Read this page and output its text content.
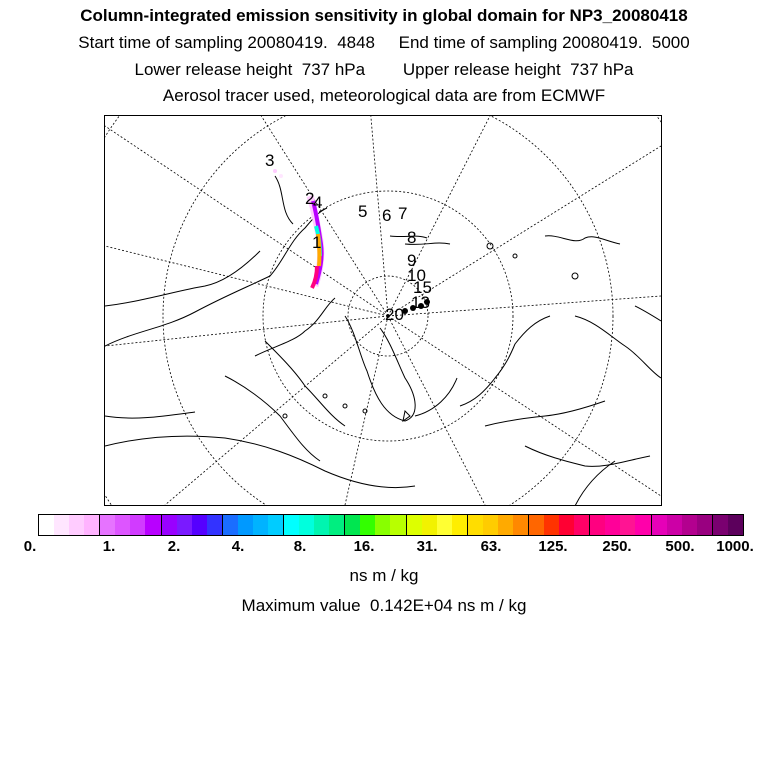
Column-integrated emission sensitivity in global domain for NP3_20080418
Start time of sampling 20080419.  4848     End time of sampling 20080419.  5000
Lower release height  737 hPa        Upper release height  737 hPa
Aerosol tracer used, meteorological data are from ECMWF
3
2
4
1
5 6 7
8
9
10
15
13
20
0.	1.	2.	4.	8.	16.	31.	63. 125. 250. 500. 1000.
ns m / kg
Maximum value  0.142E+04 ns m / kg
